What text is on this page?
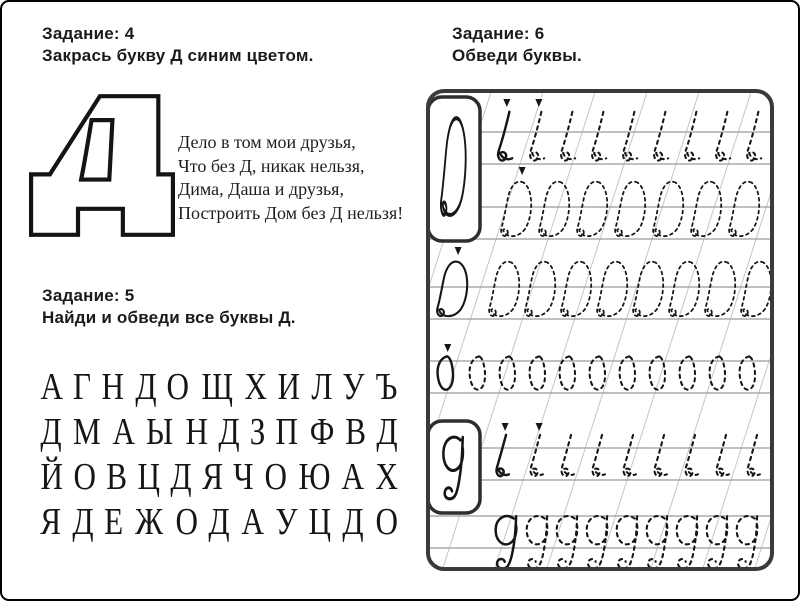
Задание: 4
Закрась букву Д синим цветом.
Дело в том мои друзья,
Что без Д, никак нельзя,
Дима, Даша и друзья,
Построить Дом без Д нельзя!
Задание: 5
Найди и обведи все буквы Д.
А Г Н Д О Щ Х И Л У Ъ
Д М А Ы Н Д З П Ф В Д
Й О В Ц Д Я Ч О Ю А Х
Я Д Е Ж О Д А У Ц Д О
Задание: 6
Обведи буквы.
